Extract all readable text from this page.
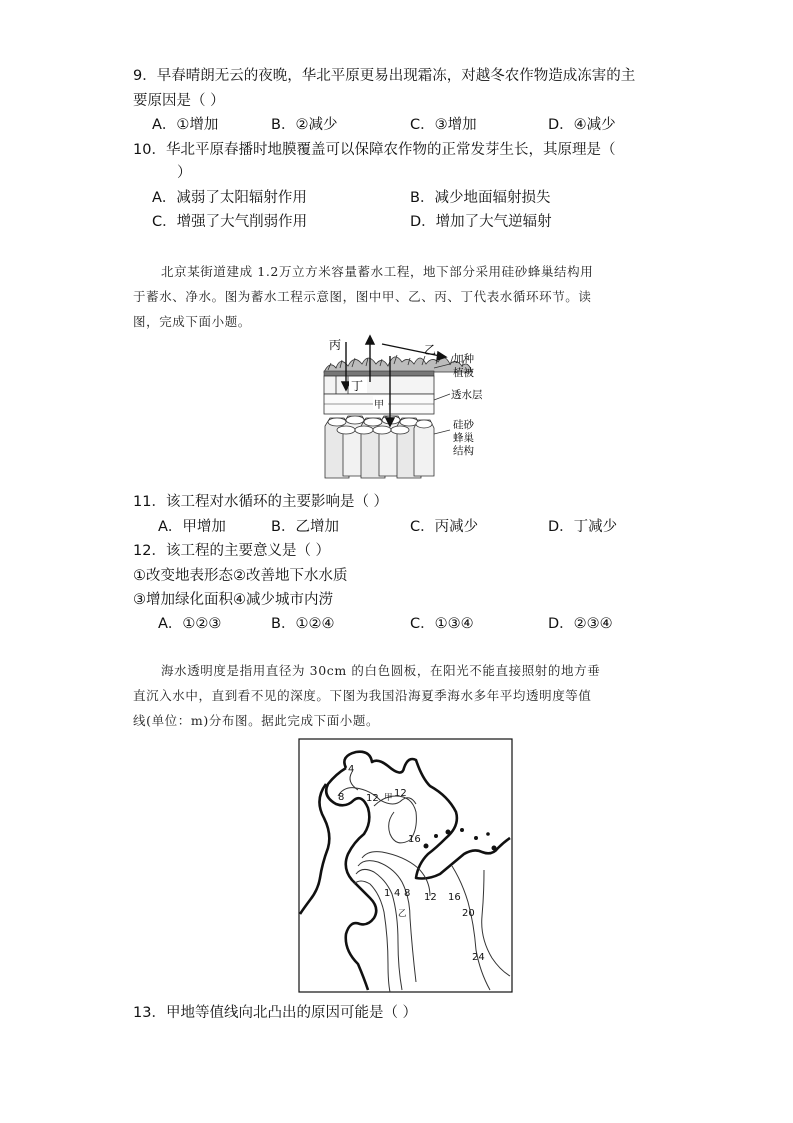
9．早春晴朗无云的夜晚，华北平原更易出现霜冻，对越冬农作物造成冻害的主
要原因是（ ）
A．①增加	B．②减少	C．③增加	D．④减少
10．华北平原春播时地膜覆盖可以保障农作物的正常发芽生长，其原理是（
）
A．减弱了太阳辐射作用	B．减少地面辐射损失
C．增强了大气削弱作用	D．增加了大气逆辐射
北京某街道建成 1.2万立方米容量蓄水工程，地下部分采用硅砂蜂巢结构用
于蓄水、净水。图为蓄水工程示意图，图中甲、乙、丙、丁代表水循环环节。读
图，完成下面小题。
丙	乙
丁
甲
加种
植被
透水层
硅砂
蜂巢
结构
11．该工程对水循环的主要影响是（ ）
A．甲增加	B．乙增加	C．丙减少	D．丁减少
12．该工程的主要意义是（ ）
①改变地表形态②改善地下水水质
③增加绿化面积④减少城市内涝
A．①②③	B．①②④	C．①③④	D．②③④
海水透明度是指用直径为 30cm 的白色圆板，在阳光不能直接照射的地方垂
直沉入水中，直到看不见的深度。下图为我国沿海夏季海水多年平均透明度等值
线(单位：m)分布图。据此完成下面小题。
4
8 12 甲 12
16
1 4 8
乙
12 16
20
24
13．甲地等值线向北凸出的原因可能是（ ）
